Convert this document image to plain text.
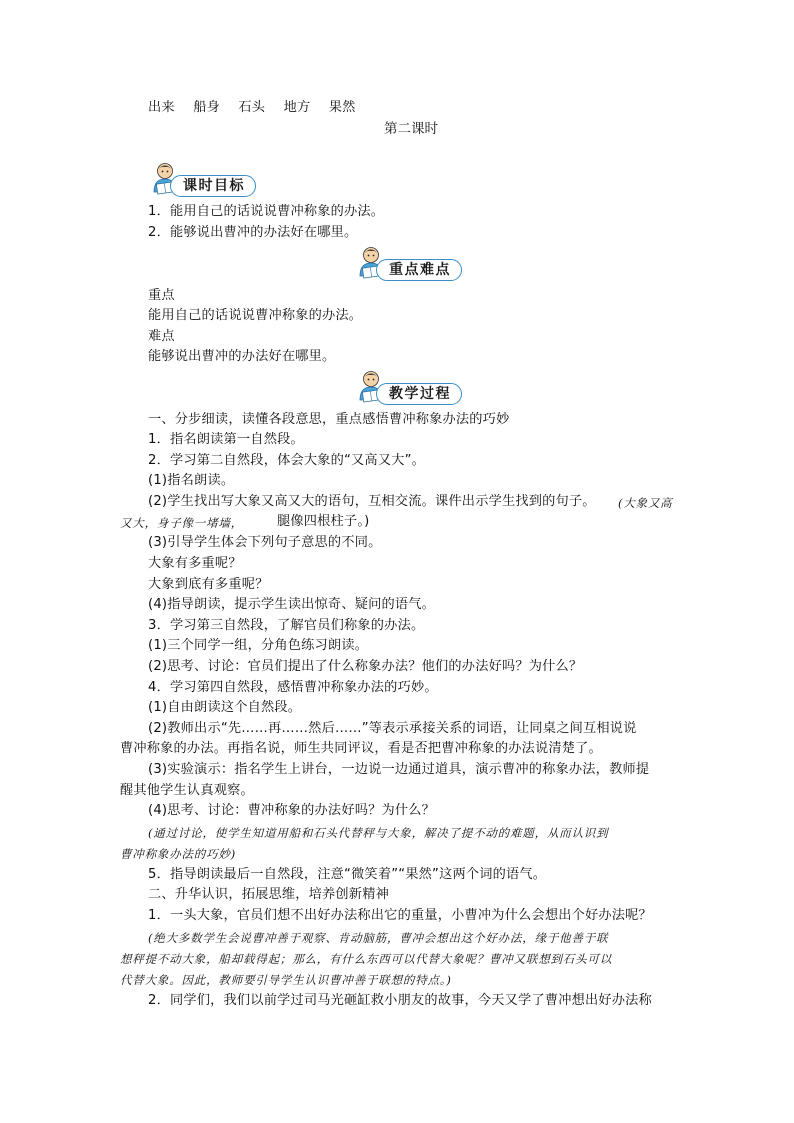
出来 船身 石头 地方 果然
第二课时
课时目标
1．能用自己的话说说曹冲称象的办法。
2．能够说出曹冲的办法好在哪里。
重点难点
重点
能用自己的话说说曹冲称象的办法。
难点
能够说出曹冲的办法好在哪里。
教学过程
一、分步细读，读懂各段意思，重点感悟曹冲称象办法的巧妙
1．指名朗读第一自然段。
2．学习第二自然段，体会大象的“又高又大”。
(1)指名朗读。
(2)学生找出写大象又高又大的语句，互相交流。课件出示学生找到的句子。 (大象又高
又大，身子像一堵墙，	腿像四根柱子。)
(3)引导学生体会下列句子意思的不同。
大象有多重呢？
大象到底有多重呢？
(4)指导朗读，提示学生读出惊奇、疑问的语气。
3．学习第三自然段，了解官员们称象的办法。
(1)三个同学一组，分角色练习朗读。
(2)思考、讨论：官员们提出了什么称象办法？他们的办法好吗？为什么？
4．学习第四自然段，感悟曹冲称象办法的巧妙。
(1)自由朗读这个自然段。
(2)教师出示“先……再……然后……”等表示承接关系的词语，让同桌之间互相说说
曹冲称象的办法。再指名说，师生共同评议，看是否把曹冲称象的办法说清楚了。
(3)实验演示：指名学生上讲台，一边说一边通过道具，演示曹冲的称象办法，教师提
醒其他学生认真观察。
(4)思考、讨论：曹冲称象的办法好吗？为什么？
(通过讨论，使学生知道用船和石头代替秤与大象，解决了提不动的难题，从而认识到
曹冲称象办法的巧妙)
5．指导朗读最后一自然段，注意“微笑着”“果然”这两个词的语气。
二、升华认识，拓展思维，培养创新精神
1．一头大象，官员们想不出好办法称出它的重量，小曹冲为什么会想出个好办法呢？
(绝大多数学生会说曹冲善于观察、肯动脑筋，曹冲会想出这个好办法，缘于他善于联
想秤提不动大象，船却载得起；那么，有什么东西可以代替大象呢？曹冲又联想到石头可以
代替大象。因此，教师要引导学生认识曹冲善于联想的特点。)
2．同学们，我们以前学过司马光砸缸救小朋友的故事，今天又学了曹冲想出好办法称
